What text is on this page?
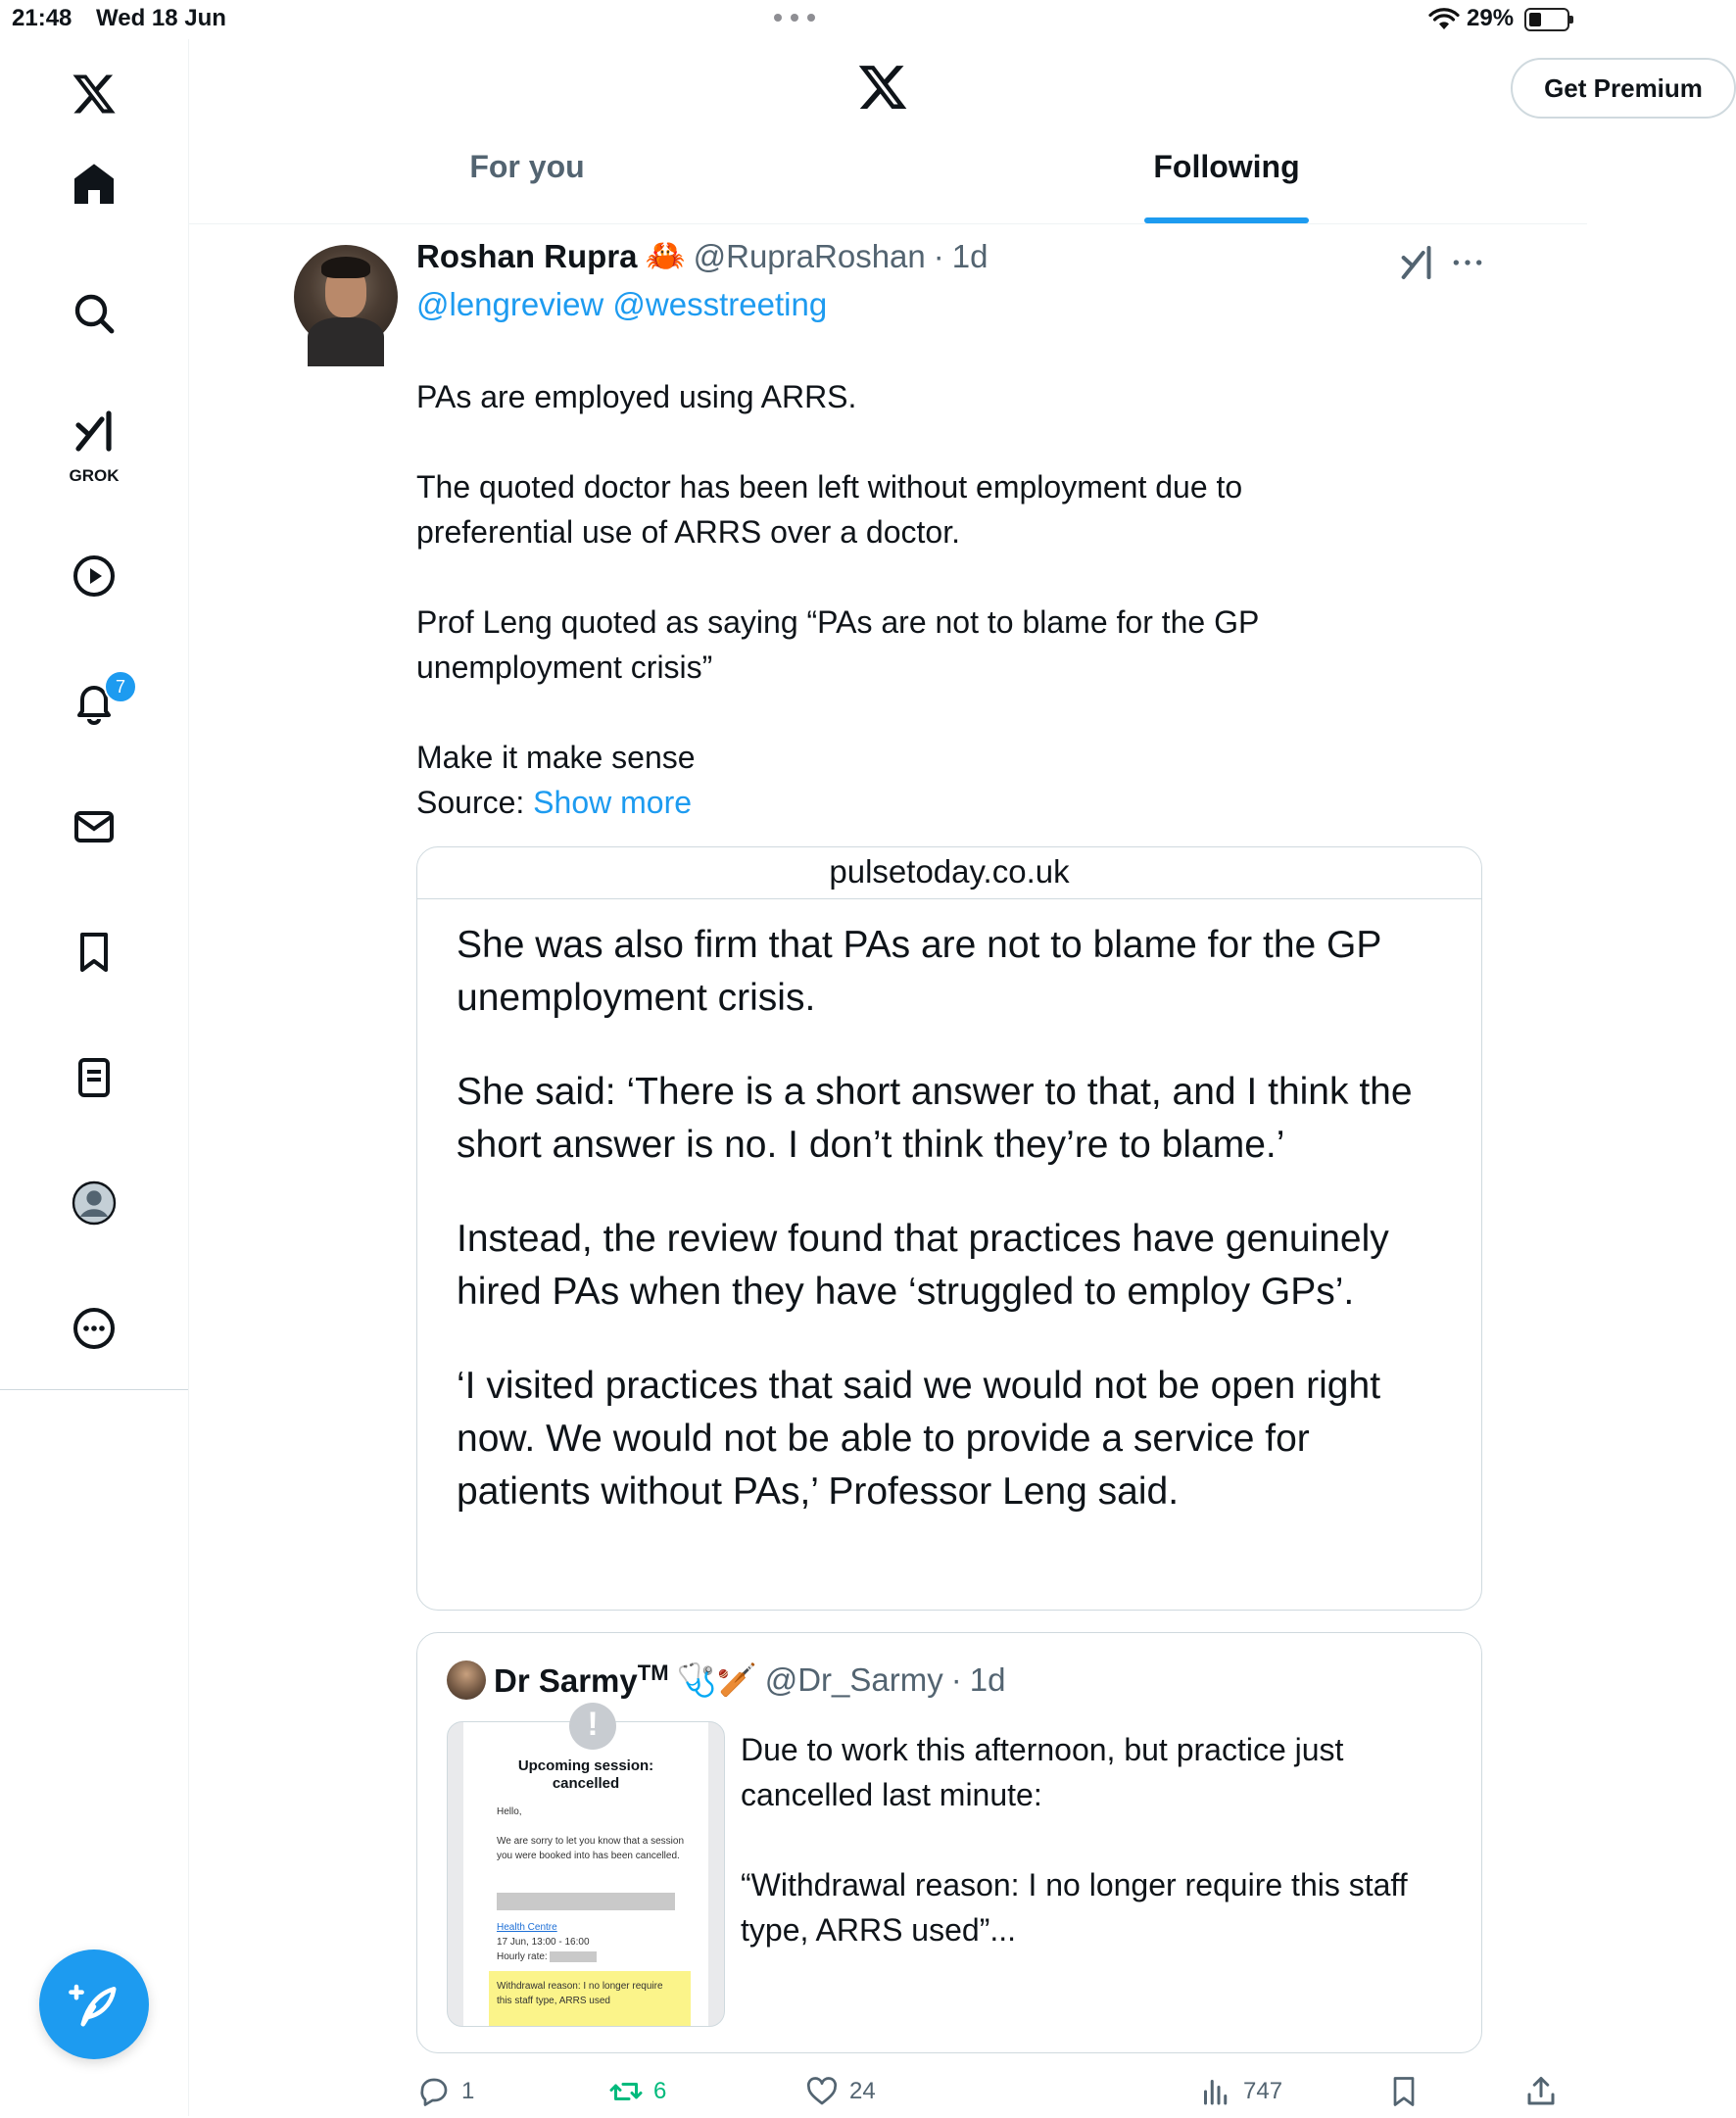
21:48 Wed 18 Jun	29%
GROK
7
Get Premium
For you	Following
Roshan Rupra 🦀 @RupraRoshan · 1d
@lengreview @wesstreeting

PAs are employed using ARRS.

The quoted doctor has been left without employment due to preferential use of ARRS over a doctor.

Prof Leng quoted as saying “PAs are not to blame for the GP unemployment crisis”

Make it make sense

Source: Show more

pulsetoday.co.uk

She was also firm that PAs are not to blame for the GP unemployment crisis.

She said: ‘There is a short answer to that, and I think the short answer is no. I don’t think they’re to blame.’

Instead, the review found that practices have genuinely hired PAs when they have ‘struggled to employ GPs’.

‘I visited practices that said we would not be open right now. We would not be able to provide a service for patients without PAs,’ Professor Leng said.

Dr Sarmy™ 🩺🏏 @Dr_Sarmy · 1d
!
Upcoming session:
cancelled
Hello,
We are sorry to let you know that a session you were booked into has been cancelled.
Health Centre
17 Jun, 13:00 - 16:00
Hourly rate:
Withdrawal reason: I no longer require this staff type, ARRS used

Due to work this afternoon, but practice just cancelled last minute:

“Withdrawal reason: I no longer require this staff type, ARRS used”...

1	6	24	747
